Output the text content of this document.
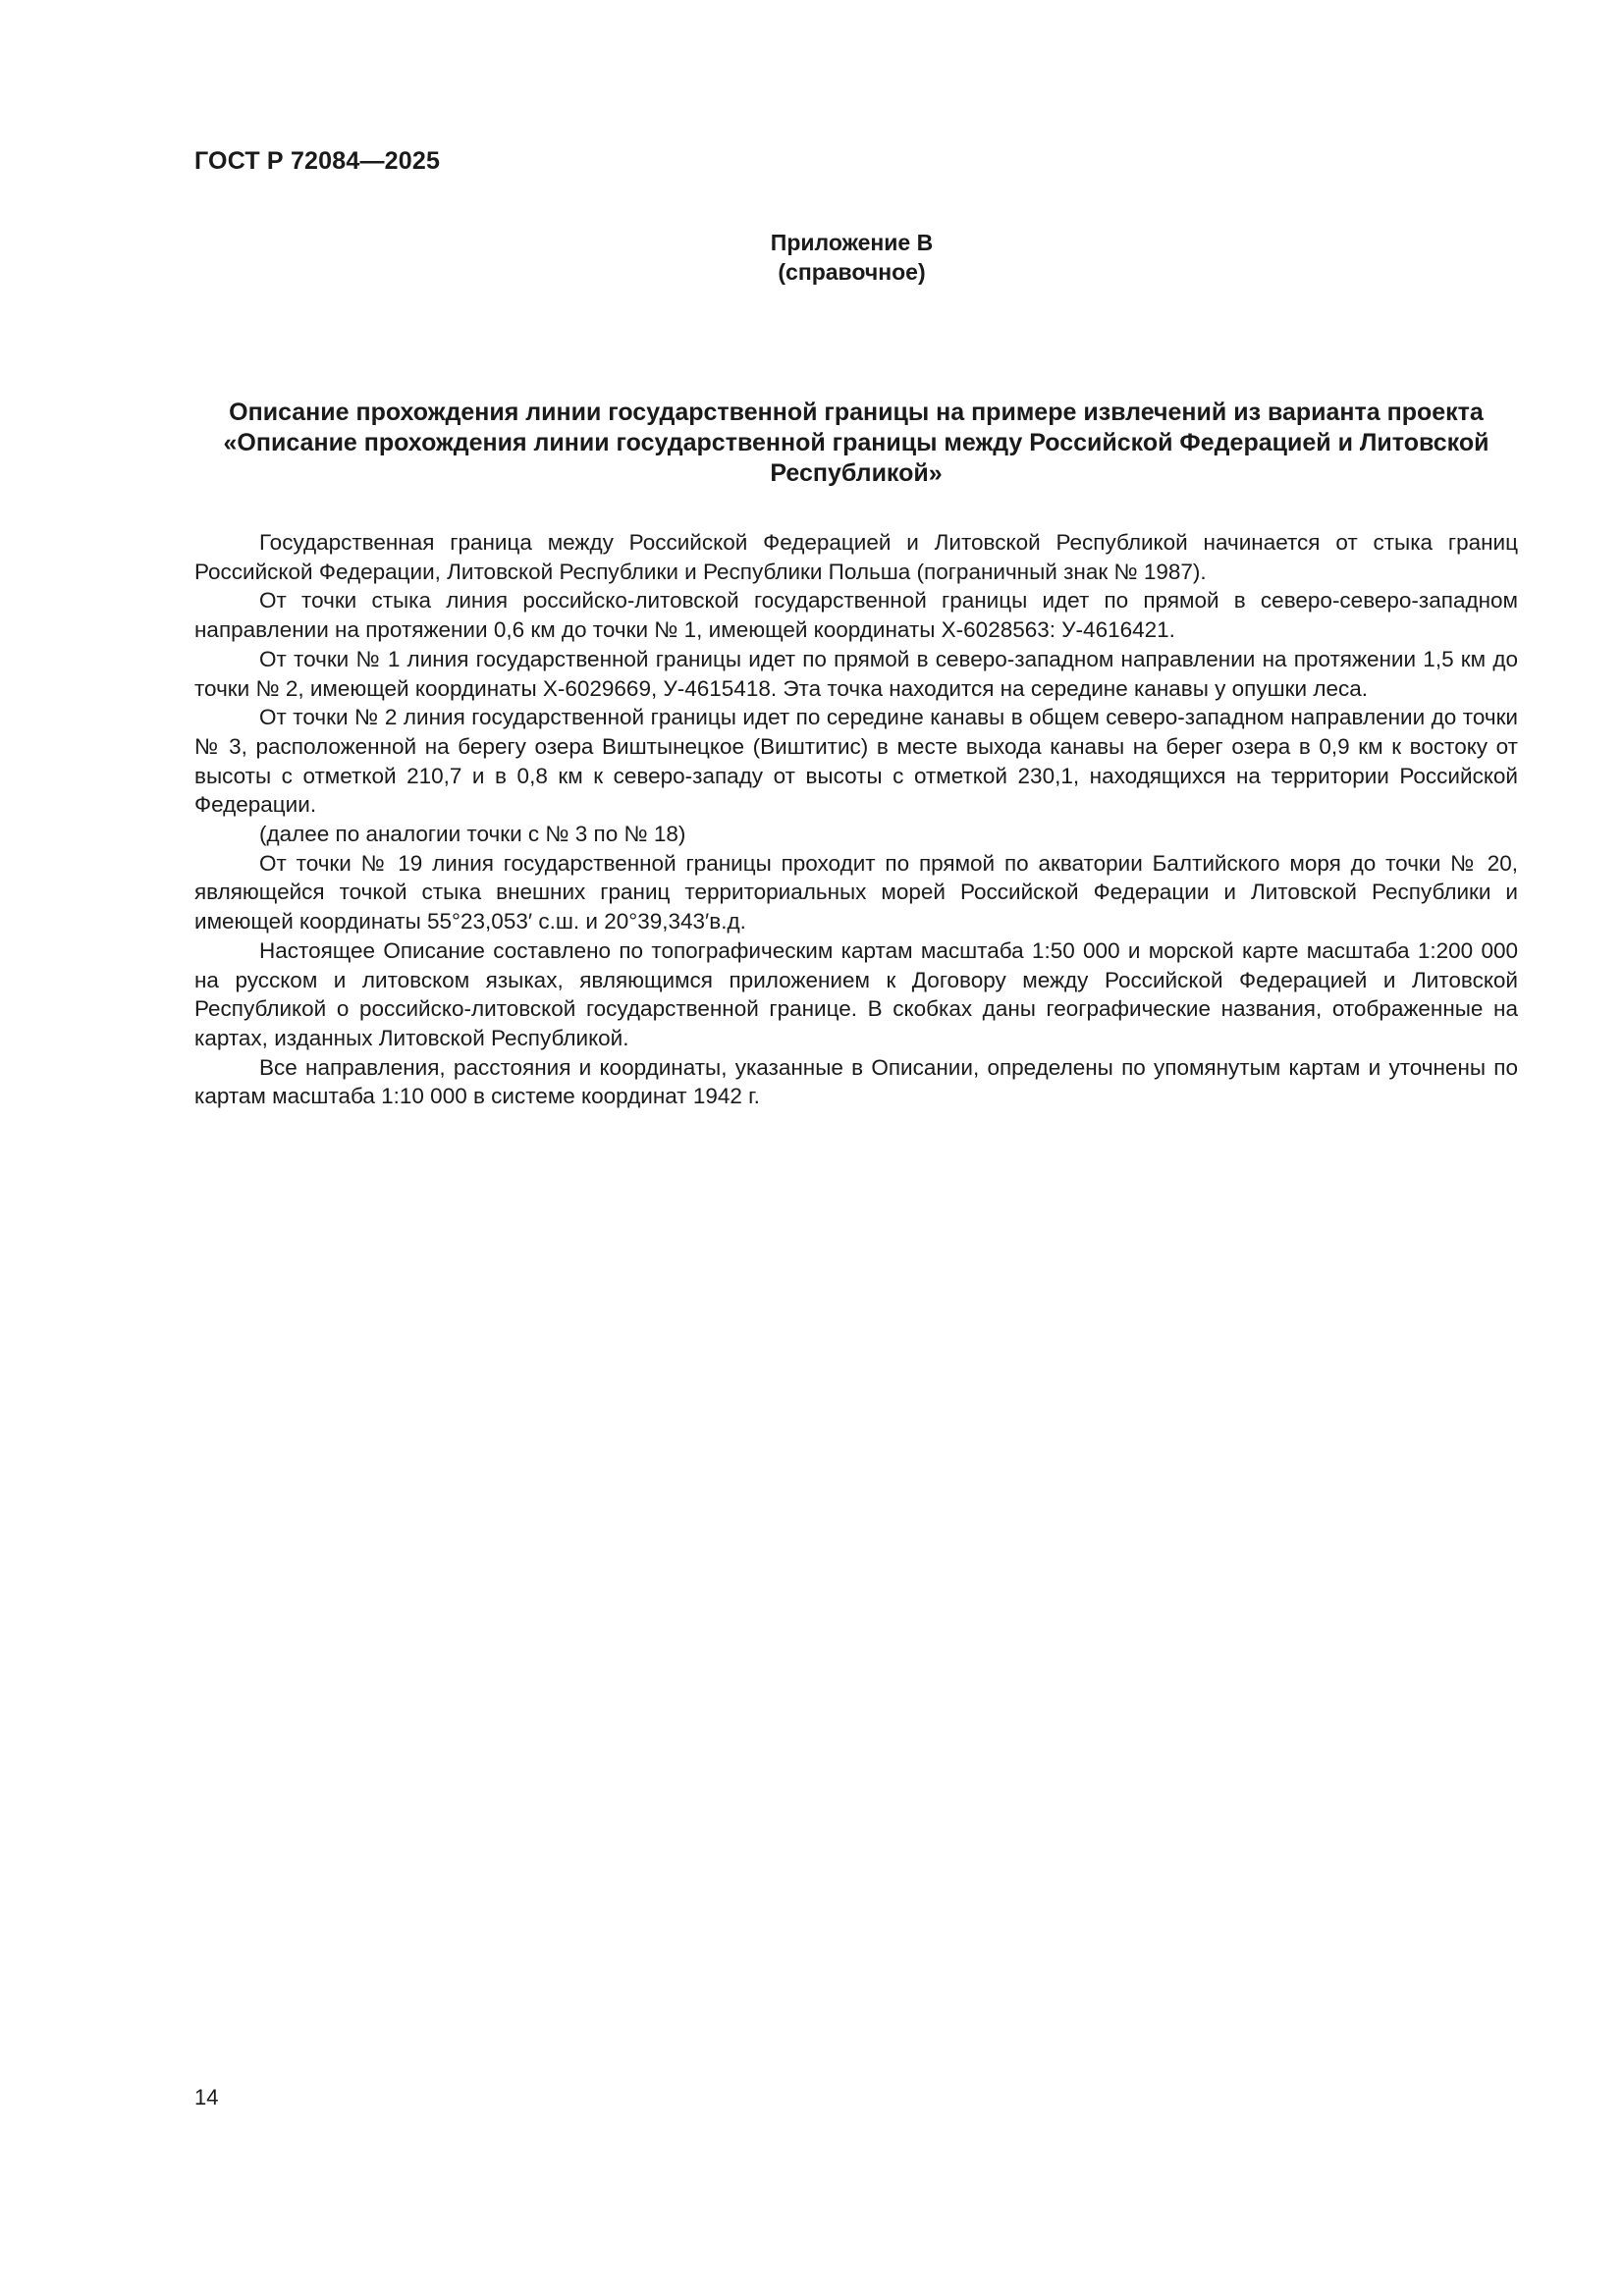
ГОСТ Р 72084—2025
Приложение В
(справочное)
Описание прохождения линии государственной границы на примере извлечений из варианта проекта «Описание прохождения линии государственной границы между Российской Федерацией и Литовской Республикой»

Государственная граница между Российской Федерацией и Литовской Республикой начинается от стыка границ Российской Федерации, Литовской Республики и Республики Польша (пограничный знак № 1987).

От точки стыка линия российско-литовской государственной границы идет по прямой в северо-северо-западном направлении на протяжении 0,6 км до точки № 1, имеющей координаты Х-6028563: У-4616421.

От точки № 1 линия государственной границы идет по прямой в северо-западном направлении на протяжении 1,5 км до точки № 2, имеющей координаты Х-6029669, У-4615418. Эта точка находится на середине канавы у опушки леса.

От точки № 2 линия государственной границы идет по середине канавы в общем северо-западном направлении до точки № 3, расположенной на берегу озера Виштынецкое (Виштитис) в месте выхода канавы на берег озера в 0,9 км к востоку от высоты с отметкой 210,7 и в 0,8 км к северо-западу от высоты с отметкой 230,1, находящихся на территории Российской Федерации.

(далее по аналогии точки с № 3 по № 18)

От точки № 19 линия государственной границы проходит по прямой по акватории Балтийского моря до точки № 20, являющейся точкой стыка внешних границ территориальных морей Российской Федерации и Литовской Республики и имеющей координаты 55°23,053′ с.ш. и 20°39,343′в.д.

Настоящее Описание составлено по топографическим картам масштаба 1:50 000 и морской карте масштаба 1:200 000 на русском и литовском языках, являющимся приложением к Договору между Российской Федерацией и Литовской Республикой о российско-литовской государственной границе. В скобках даны географические названия, отображенные на картах, изданных Литовской Республикой.

Все направления, расстояния и координаты, указанные в Описании, определены по упомянутым картам и уточнены по картам масштаба 1:10 000 в системе координат 1942 г.

14
